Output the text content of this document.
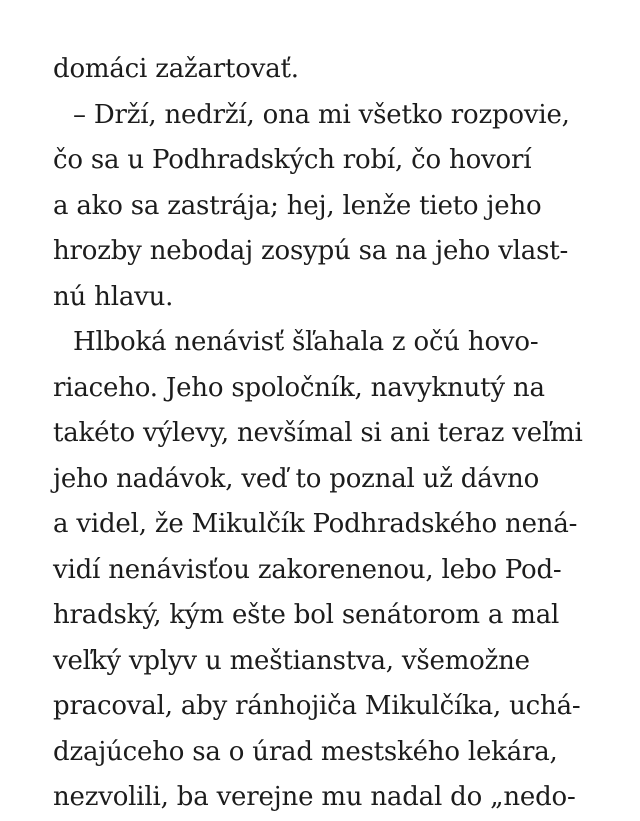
domáci zažartovať.
– Drží, nedrží, ona mi všetko rozpovie,
čo sa u Podhradských robí, čo hovorí
a ako sa zastrája; hej, lenže tieto jeho
hrozby nebodaj zosypú sa na jeho vlast-
nú hlavu.
Hlboká nenávisť šľahala z očú hovo-
riaceho. Jeho spoločník, navyknutý na
takéto výlevy, nevšímal si ani teraz veľmi
jeho nadávok, veď to poznal už dávno
a videl, že Mikulčík Podhradského nená-
vidí nenávisťou zakorenenou, lebo Pod-
hradský, kým ešte bol senátorom a mal
veľký vplyv u meštianstva, všemožne
pracoval, aby ránhojiča Mikulčíka, uchá-
dzajúceho sa o úrad mestského lekára,
nezvolili, ba verejne mu nadal do „nedo-
